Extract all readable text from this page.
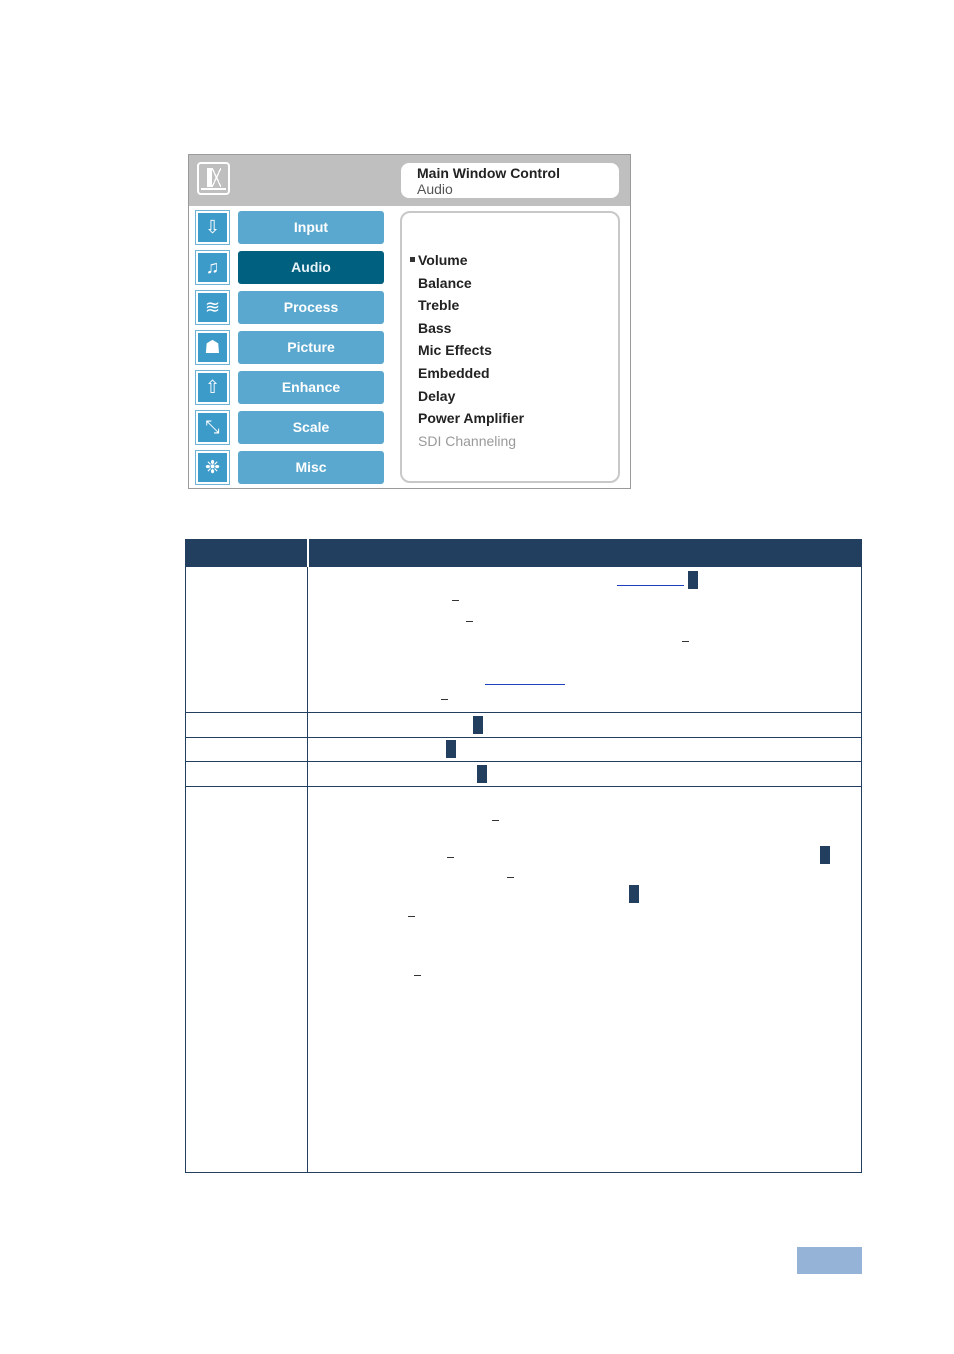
Main Window Control
Audio
⇩	Input
♫	Audio
≋	Process
☗	Picture
⇧	Enhance
⤡	Scale
❉	Misc
Volume
Balance
Treble
Bass
Mic Effects
Embedded
Delay
Power Amplifier
SDI Channeling
